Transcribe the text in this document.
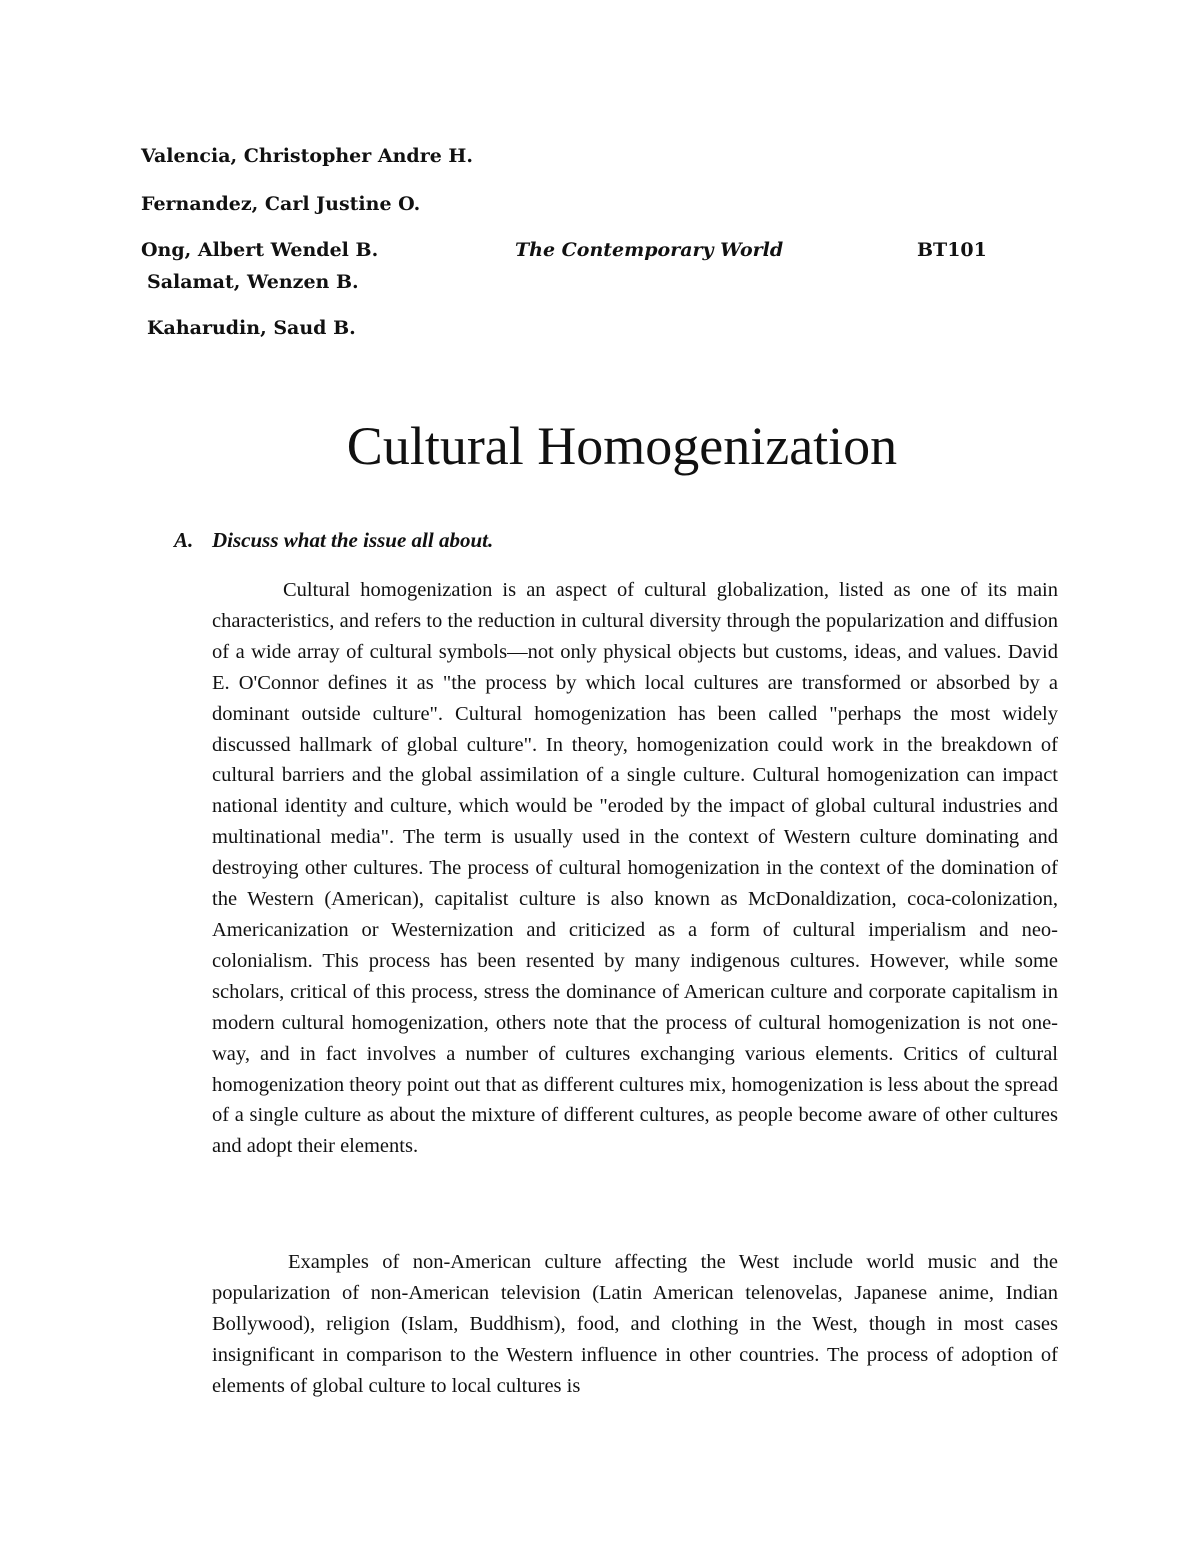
Valencia, Christopher Andre H.
Fernandez, Carl Justine O.
Ong, Albert Wendel B.	The Contemporary World	BT101
Salamat, Wenzen B.
Kaharudin, Saud B.
Cultural Homogenization
A. Discuss what the issue all about.

Cultural homogenization is an aspect of cultural globalization, listed as one of its main characteristics, and refers to the reduction in cultural diversity through the popularization and diffusion of a wide array of cultural symbols—not only physical objects but customs, ideas, and values. David E. O'Connor defines it as "the process by which local cultures are transformed or absorbed by a dominant outside culture". Cultural homogenization has been called "perhaps the most widely discussed hallmark of global culture". In theory, homogenization could work in the breakdown of cultural barriers and the global assimilation of a single culture. Cultural homogenization can impact national identity and culture, which would be "eroded by the impact of global cultural industries and multinational media". The term is usually used in the context of Western culture dominating and destroying other cultures. The process of cultural homogenization in the context of the domination of the Western (American), capitalist culture is also known as McDonaldization, coca-colonization, Americanization or Westernization and criticized as a form of cultural imperialism and neo-colonialism. This process has been resented by many indigenous cultures. However, while some scholars, critical of this process, stress the dominance of American culture and corporate capitalism in modern cultural homogenization, others note that the process of cultural homogenization is not one-way, and in fact involves a number of cultures exchanging various elements. Critics of cultural homogenization theory point out that as different cultures mix, homogenization is less about the spread of a single culture as about the mixture of different cultures, as people become aware of other cultures and adopt their elements.

Examples of non-American culture affecting the West include world music and the popularization of non-American television (Latin American telenovelas, Japanese anime, Indian Bollywood), religion (Islam, Buddhism), food, and clothing in the West, though in most cases insignificant in comparison to the Western influence in other countries. The process of adoption of elements of global culture to local cultures is
